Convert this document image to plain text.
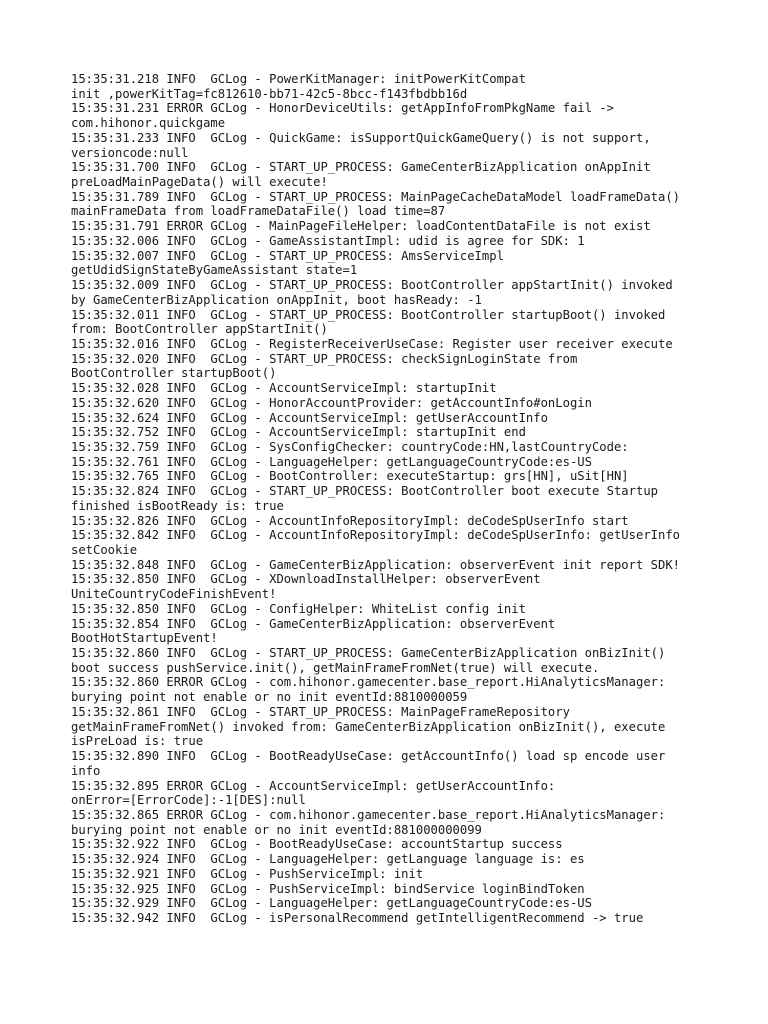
15:35:31.218 INFO  GCLog - PowerKitManager: initPowerKitCompat
init ,powerKitTag=fc812610-bb71-42c5-8bcc-f143fbdbb16d
15:35:31.231 ERROR GCLog - HonorDeviceUtils: getAppInfoFromPkgName fail ->
com.hihonor.quickgame
15:35:31.233 INFO  GCLog - QuickGame: isSupportQuickGameQuery() is not support,
versioncode:null
15:35:31.700 INFO  GCLog - START_UP_PROCESS: GameCenterBizApplication onAppInit
preLoadMainPageData() will execute!
15:35:31.789 INFO  GCLog - START_UP_PROCESS: MainPageCacheDataModel loadFrameData()
mainFrameData from loadFrameDataFile() load time=87
15:35:31.791 ERROR GCLog - MainPageFileHelper: loadContentDataFile is not exist
15:35:32.006 INFO  GCLog - GameAssistantImpl: udid is agree for SDK: 1
15:35:32.007 INFO  GCLog - START_UP_PROCESS: AmsServiceImpl
getUdidSignStateByGameAssistant state=1
15:35:32.009 INFO  GCLog - START_UP_PROCESS: BootController appStartInit() invoked
by GameCenterBizApplication onAppInit, boot hasReady: -1
15:35:32.011 INFO  GCLog - START_UP_PROCESS: BootController startupBoot() invoked
from: BootController appStartInit()
15:35:32.016 INFO  GCLog - RegisterReceiverUseCase: Register user receiver execute
15:35:32.020 INFO  GCLog - START_UP_PROCESS: checkSignLoginState from
BootController startupBoot()
15:35:32.028 INFO  GCLog - AccountServiceImpl: startupInit
15:35:32.620 INFO  GCLog - HonorAccountProvider: getAccountInfo#onLogin
15:35:32.624 INFO  GCLog - AccountServiceImpl: getUserAccountInfo
15:35:32.752 INFO  GCLog - AccountServiceImpl: startupInit end
15:35:32.759 INFO  GCLog - SysConfigChecker: countryCode:HN,lastCountryCode:
15:35:32.761 INFO  GCLog - LanguageHelper: getLanguageCountryCode:es-US
15:35:32.765 INFO  GCLog - BootController: executeStartup: grs[HN], uSit[HN]
15:35:32.824 INFO  GCLog - START_UP_PROCESS: BootController boot execute Startup
finished isBootReady is: true
15:35:32.826 INFO  GCLog - AccountInfoRepositoryImpl: deCodeSpUserInfo start
15:35:32.842 INFO  GCLog - AccountInfoRepositoryImpl: deCodeSpUserInfo: getUserInfo
setCookie
15:35:32.848 INFO  GCLog - GameCenterBizApplication: observerEvent init report SDK!
15:35:32.850 INFO  GCLog - XDownloadInstallHelper: observerEvent
UniteCountryCodeFinishEvent!
15:35:32.850 INFO  GCLog - ConfigHelper: WhiteList config init
15:35:32.854 INFO  GCLog - GameCenterBizApplication: observerEvent
BootHotStartupEvent!
15:35:32.860 INFO  GCLog - START_UP_PROCESS: GameCenterBizApplication onBizInit()
boot success pushService.init(), getMainFrameFromNet(true) will execute.
15:35:32.860 ERROR GCLog - com.hihonor.gamecenter.base_report.HiAnalyticsManager:
burying point not enable or no init eventId:8810000059
15:35:32.861 INFO  GCLog - START_UP_PROCESS: MainPageFrameRepository
getMainFrameFromNet() invoked from: GameCenterBizApplication onBizInit(), execute
isPreLoad is: true
15:35:32.890 INFO  GCLog - BootReadyUseCase: getAccountInfo() load sp encode user
info
15:35:32.895 ERROR GCLog - AccountServiceImpl: getUserAccountInfo:
onError=[ErrorCode]:-1[DES]:null
15:35:32.865 ERROR GCLog - com.hihonor.gamecenter.base_report.HiAnalyticsManager:
burying point not enable or no init eventId:881000000099
15:35:32.922 INFO  GCLog - BootReadyUseCase: accountStartup success
15:35:32.924 INFO  GCLog - LanguageHelper: getLanguage language is: es
15:35:32.921 INFO  GCLog - PushServiceImpl: init
15:35:32.925 INFO  GCLog - PushServiceImpl: bindService loginBindToken
15:35:32.929 INFO  GCLog - LanguageHelper: getLanguageCountryCode:es-US
15:35:32.942 INFO  GCLog - isPersonalRecommend getIntelligentRecommend -> true
